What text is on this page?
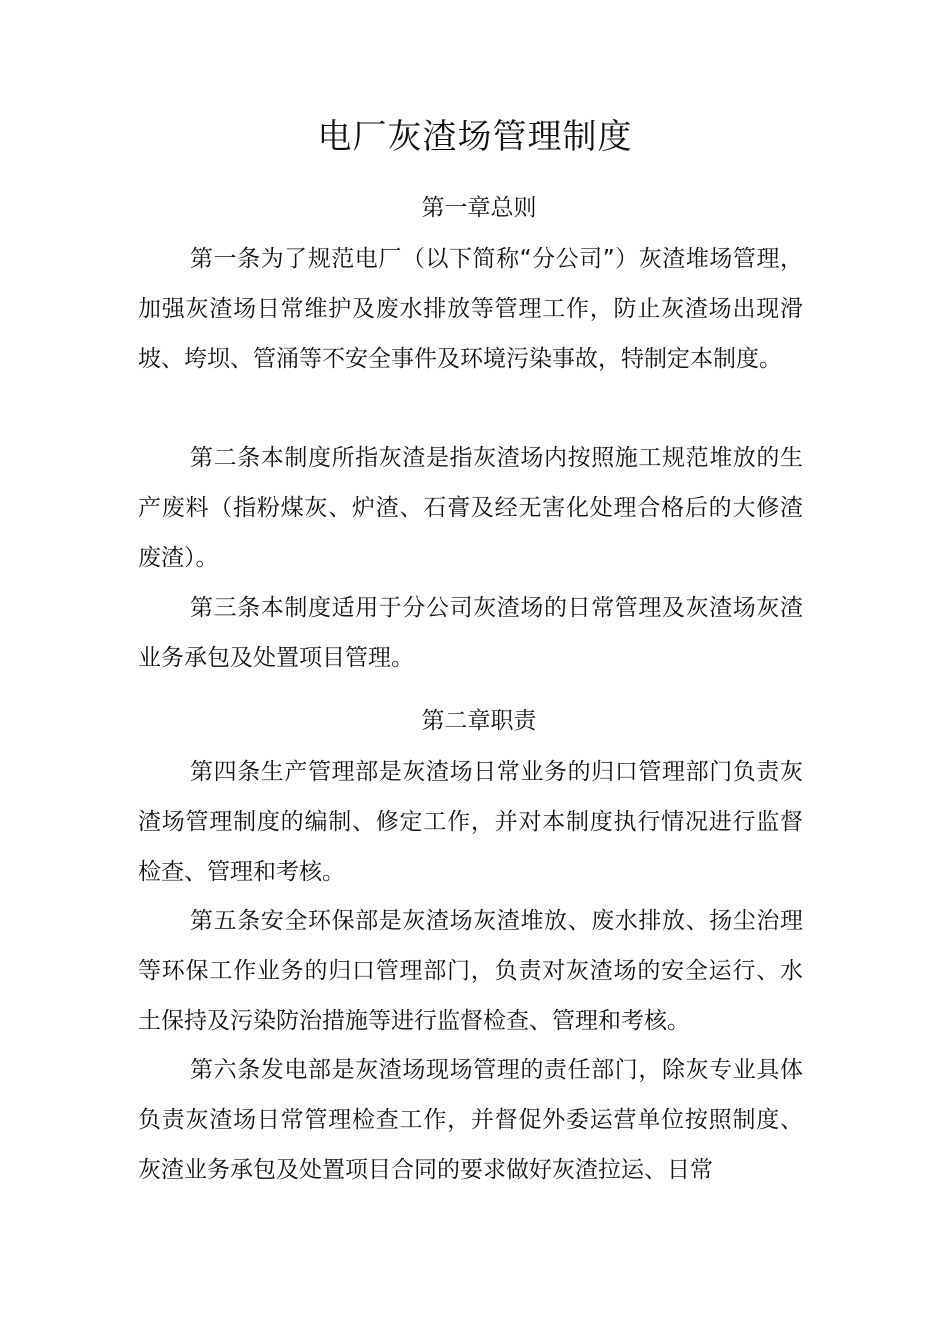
电厂灰渣场管理制度
第一章总则

第一条为了规范电厂（以下简称“分公司”）灰渣堆场管理，加强灰渣场日常维护及废水排放等管理工作，防止灰渣场出现滑坡、垮坝、管涌等不安全事件及环境污染事故，特制定本制度。

第二条本制度所指灰渣是指灰渣场内按照施工规范堆放的生产废料（指粉煤灰、炉渣、石膏及经无害化处理合格后的大修渣废渣）。

第三条本制度适用于分公司灰渣场的日常管理及灰渣场灰渣业务承包及处置项目管理。

第二章职责

第四条生产管理部是灰渣场日常业务的归口管理部门负责灰渣场管理制度的编制、修定工作，并对本制度执行情况进行监督检查、管理和考核。

第五条安全环保部是灰渣场灰渣堆放、废水排放、扬尘治理等环保工作业务的归口管理部门，负责对灰渣场的安全运行、水土保持及污染防治措施等进行监督检查、管理和考核。

第六条发电部是灰渣场现场管理的责任部门，除灰专业具体负责灰渣场日常管理检查工作，并督促外委运营单位按照制度、灰渣业务承包及处置项目合同的要求做好灰渣拉运、日常
